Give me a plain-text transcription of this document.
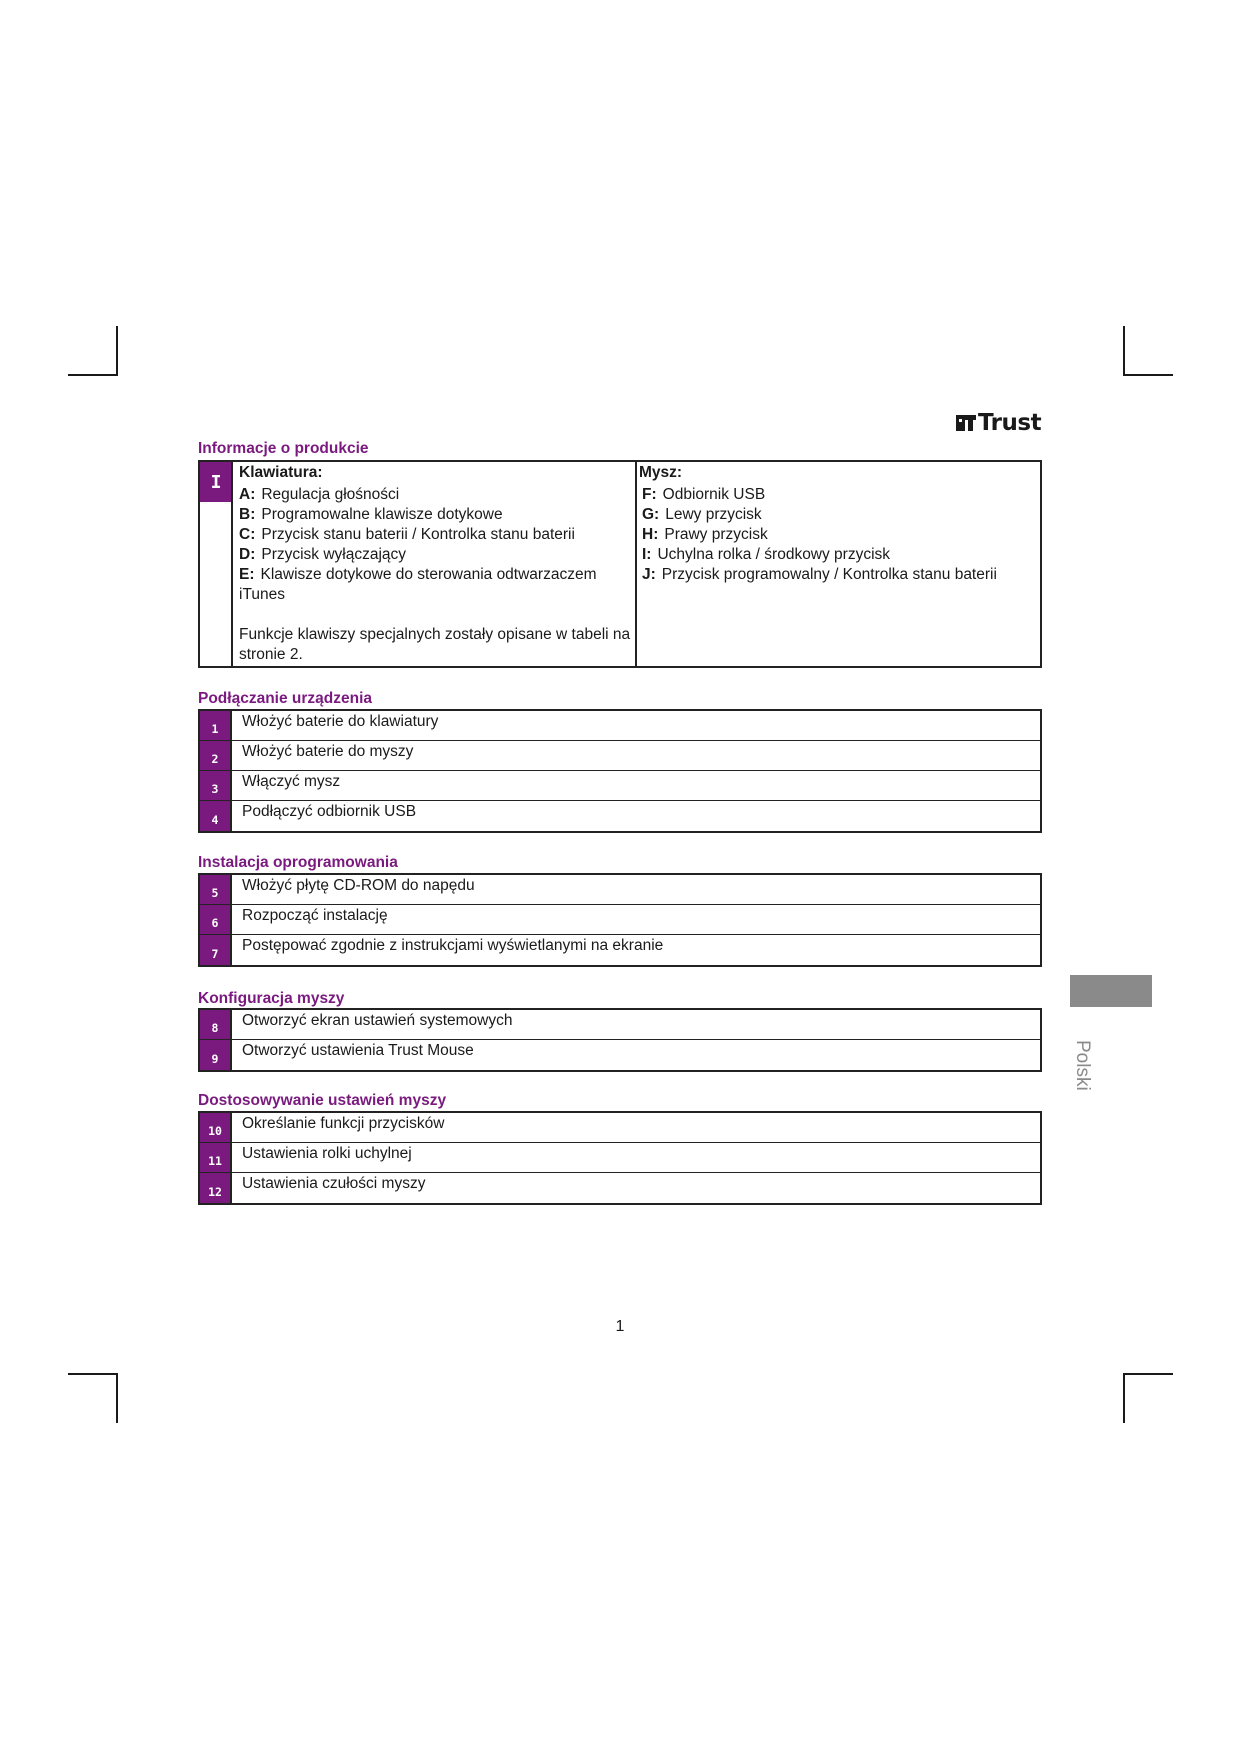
Trust
Informacje o produkcie
I	Klawiatura:
A: Regulacja głośności
B: Programowalne klawisze dotykowe
C: Przycisk stanu baterii / Kontrolka stanu baterii
D: Przycisk wyłączający
E: Klawisze dotykowe do sterowania odtwarzaczem iTunes
Funkcje klawiszy specjalnych zostały opisane w tabeli na stronie 2.
Mysz:
F: Odbiornik USB
G: Lewy przycisk
H: Prawy przycisk
I: Uchylna rolka / środkowy przycisk
J: Przycisk programowalny / Kontrolka stanu baterii
Podłączanie urządzenia
1	Włożyć baterie do klawiatury
2	Włożyć baterie do myszy
3	Włączyć mysz
4	Podłączyć odbiornik USB
Instalacja oprogramowania
5	Włożyć płytę CD-ROM do napędu
6	Rozpocząć instalację
7	Postępować zgodnie z instrukcjami wyświetlanymi na ekranie
Konfiguracja myszy
8	Otworzyć ekran ustawień systemowych
9	Otworzyć ustawienia Trust Mouse
Dostosowywanie ustawień myszy
10	Określanie funkcji przycisków
11	Ustawienia rolki uchylnej
12	Ustawienia czułości myszy
Polski
1
